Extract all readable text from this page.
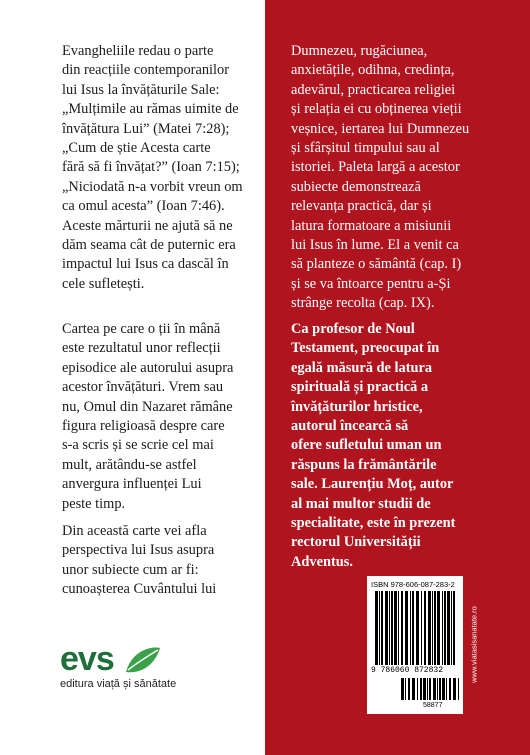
Evangheliile redau o parte
din reacțiile contemporanilor
lui Isus la învățăturile Sale:
„Mulțimile au rămas uimite de
învățătura Lui” (Matei 7:28);
„Cum de știe Acesta carte
fără să fi învățat?” (Ioan 7:15);
„Niciodată n-a vorbit vreun om
ca omul acesta” (Ioan 7:46).
Aceste mărturii ne ajută să ne
dăm seama cât de puternic era
impactul lui Isus ca dascăl în
cele sufletești.
Cartea pe care o ții în mână
este rezultatul unor reflecții
episodice ale autorului asupra
acestor învățături. Vrem sau
nu, Omul din Nazaret rămâne
figura religioasă despre care
s-a scris și se scrie cel mai
mult, arătându-se astfel
anvergura influenței Lui
peste timp.
Din această carte vei afla
perspectiva lui Isus asupra
unor subiecte cum ar fi:
cunoașterea Cuvântului lui
Dumnezeu, rugăciunea,
anxietățile, odihna, credința,
adevărul, practicarea religiei
și relația ei cu obținerea vieții
veșnice, iertarea lui Dumnezeu
și sfârșitul timpului sau al
istoriei. Paleta largă a acestor
subiecte demonstrează
relevanța practică, dar și
latura formatoare a misiunii
lui Isus în lume. El a venit ca
să planteze o sământă (cap. I)
și se va întoarce pentru a-Și
strânge recolta (cap. IX).
Ca profesor de Noul
Testament, preocupat în
egală măsură de latura
spirituală și practică a
învățăturilor hristice,
autorul încearcă să
ofere sufletului uman un
răspuns la frământările
sale. Laurențiu Moț, autor
al mai multor studii de
specialitate, este în prezent
rectorul Universității
Adventus.
evs
editura viață și sănătate
ISBN 978-606-087-283-2
9 786060 872832
58877
www.viatasisanatate.ro
